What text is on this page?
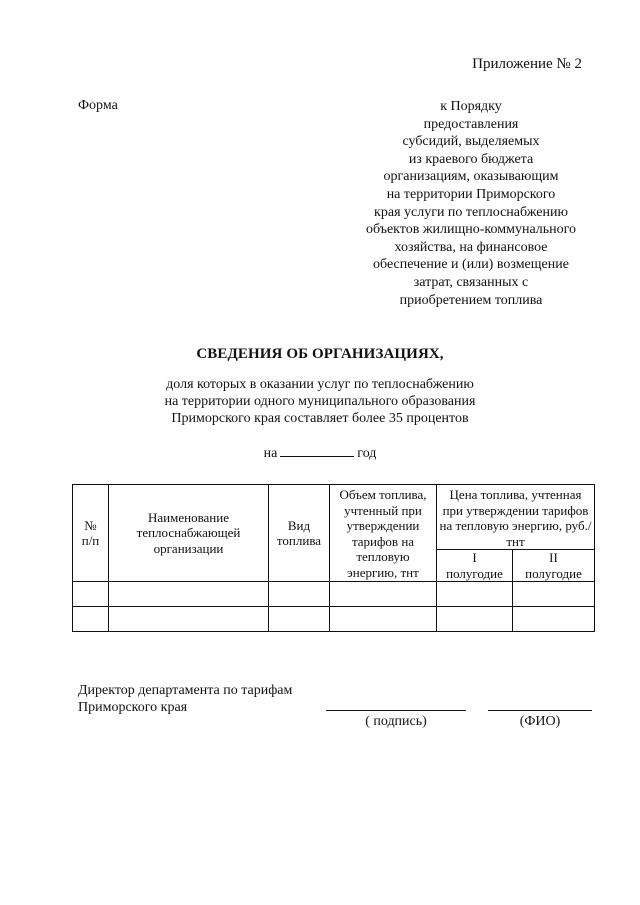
Приложение № 2
Форма	к Порядку
предоставления
субсидий, выделяемых
из краевого бюджета
организациям, оказывающим
на территории Приморского
края услуги по теплоснабжению
объектов жилищно-коммунального
хозяйства, на финансовое
обеспечение и (или) возмещение
затрат, связанных с
приобретением топлива
СВЕДЕНИЯ ОБ ОРГАНИЗАЦИЯХ,
доля которых в оказании услуг по теплоснабжению
на территории одного муниципального образования
Приморского края составляет более 35 процентов
на	год
№ п/п	Наименование теплоснабжающей организации	Вид топлива	Объем топлива, учтенный при утверждении тарифов на тепловую энергию, тнт	Цена топлива, учтенная при утверждении тарифов на тепловую энергию, руб./тнт	

				I полугодие	II полугодие

Директор департамента по тарифам
Приморского края
( подпись)	(ФИО)
